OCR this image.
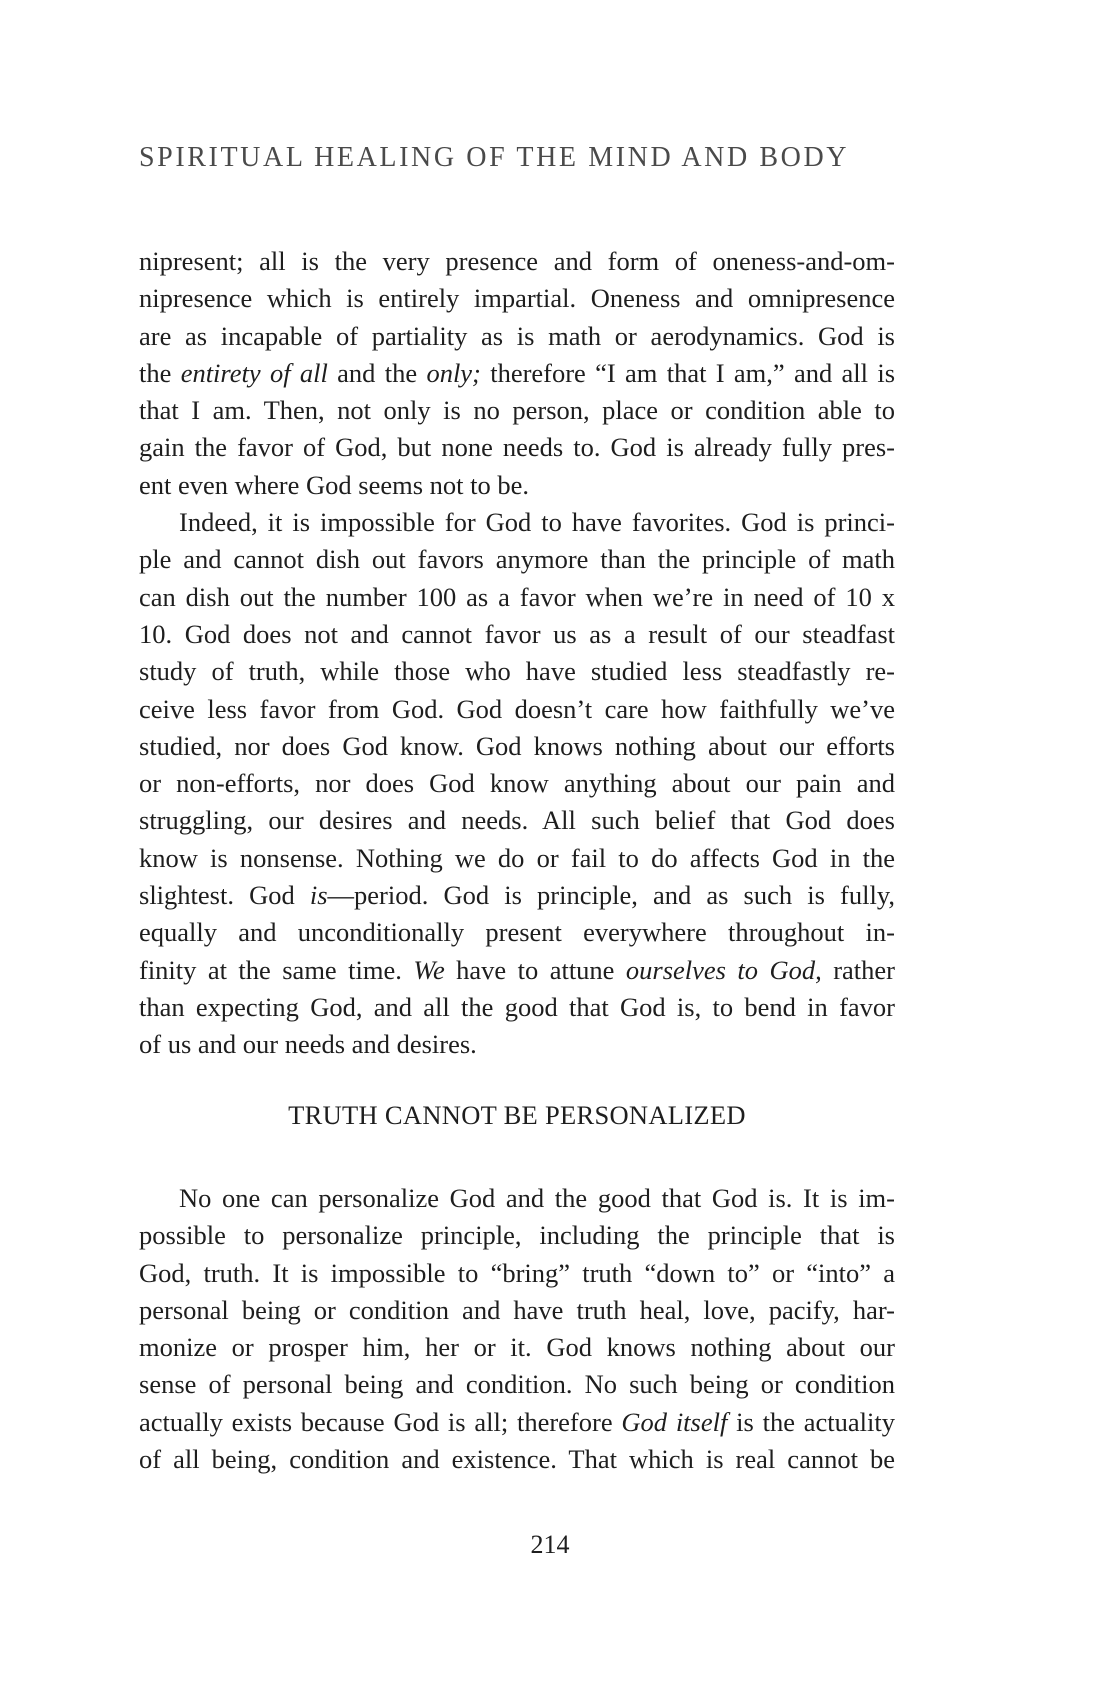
SPIRITUAL HEALING OF THE MIND AND BODY
nipresent; all is the very presence and form of oneness-and-om-
nipresence which is entirely impartial. Oneness and omnipresence
are as incapable of partiality as is math or aerodynamics. God is
the entirety of all and the only; therefore “I am that I am,” and all is
that I am. Then, not only is no person, place or condition able to
gain the favor of God, but none needs to. God is already fully pres-
ent even where God seems not to be.
Indeed, it is impossible for God to have favorites. God is princi-
ple and cannot dish out favors anymore than the principle of math
can dish out the number 100 as a favor when we’re in need of 10 x
10. God does not and cannot favor us as a result of our steadfast
study of truth, while those who have studied less steadfastly re-
ceive less favor from God. God doesn’t care how faithfully we’ve
studied, nor does God know. God knows nothing about our efforts
or non-efforts, nor does God know anything about our pain and
struggling, our desires and needs. All such belief that God does
know is nonsense. Nothing we do or fail to do affects God in the
slightest. God is—period. God is principle, and as such is fully,
equally and unconditionally present everywhere throughout in-
finity at the same time. We have to attune ourselves to God, rather
than expecting God, and all the good that God is, to bend in favor
of us and our needs and desires.
TRUTH CANNOT BE PERSONALIZED
No one can personalize God and the good that God is. It is im-
possible to personalize principle, including the principle that is
God, truth. It is impossible to “bring” truth “down to” or “into” a
personal being or condition and have truth heal, love, pacify, har-
monize or prosper him, her or it. God knows nothing about our
sense of personal being and condition. No such being or condition
actually exists because God is all; therefore God itself is the actuality
of all being, condition and existence. That which is real cannot be
214
